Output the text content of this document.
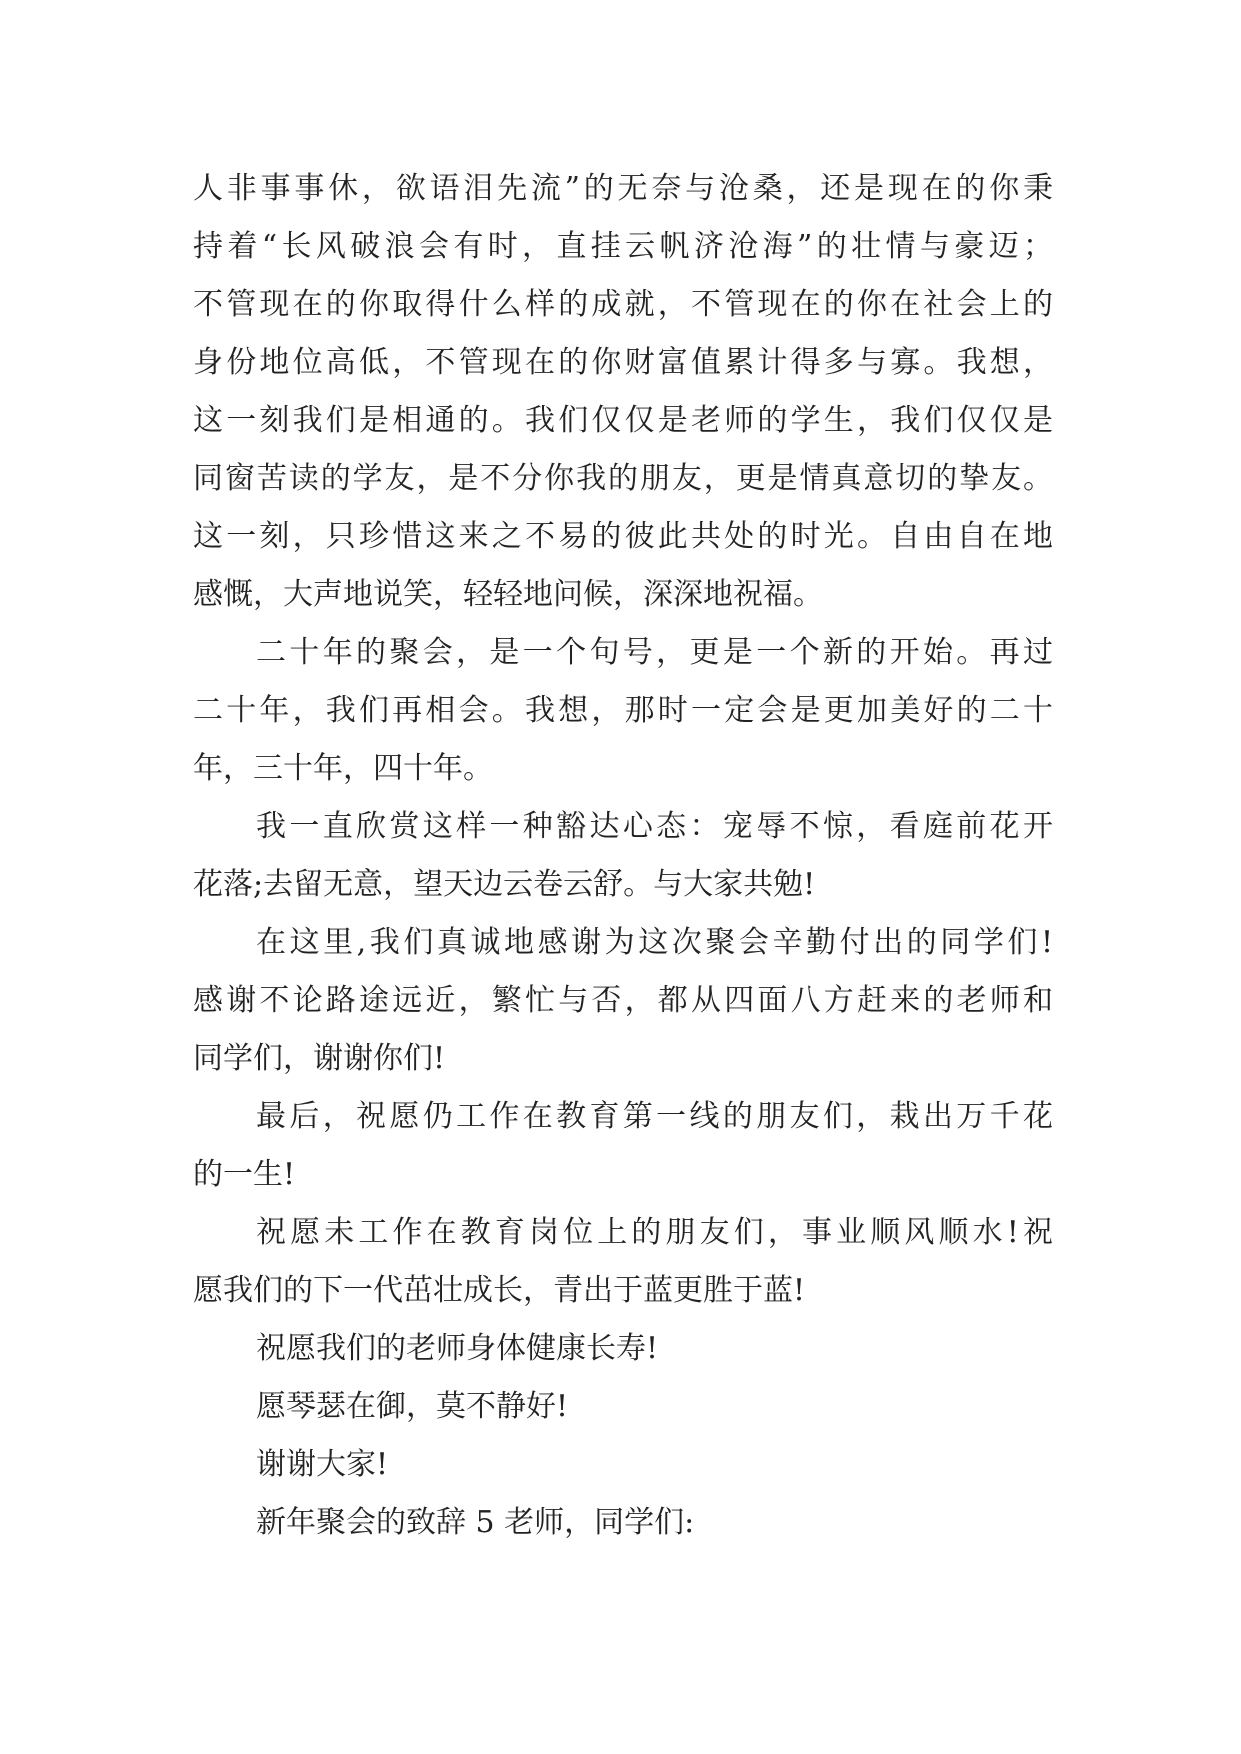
人非事事休，欲语泪先流”的无奈与沧桑，还是现在的你秉
持着“长风破浪会有时，直挂云帆济沧海”的壮情与豪迈；
不管现在的你取得什么样的成就，不管现在的你在社会上的
身份地位高低，不管现在的你财富值累计得多与寡。我想，
这一刻我们是相通的。我们仅仅是老师的学生，我们仅仅是
同窗苦读的学友，是不分你我的朋友，更是情真意切的挚友。
这一刻，只珍惜这来之不易的彼此共处的时光。自由自在地
感慨，大声地说笑，轻轻地问候，深深地祝福。
二十年的聚会，是一个句号，更是一个新的开始。再过
二十年，我们再相会。我想，那时一定会是更加美好的二十
年，三十年，四十年。
我一直欣赏这样一种豁达心态：宠辱不惊，看庭前花开
花落;去留无意，望天边云卷云舒。与大家共勉!
在这里,我们真诚地感谢为这次聚会辛勤付出的同学们!
感谢不论路途远近，繁忙与否，都从四面八方赶来的老师和
同学们，谢谢你们!
最后，祝愿仍工作在教育第一线的朋友们，栽出万千花
的一生!
祝愿未工作在教育岗位上的朋友们，事业顺风顺水!祝
愿我们的下一代茁壮成长，青出于蓝更胜于蓝!
祝愿我们的老师身体健康长寿!
愿琴瑟在御，莫不静好!
谢谢大家!
新年聚会的致辞 5 老师，同学们:
